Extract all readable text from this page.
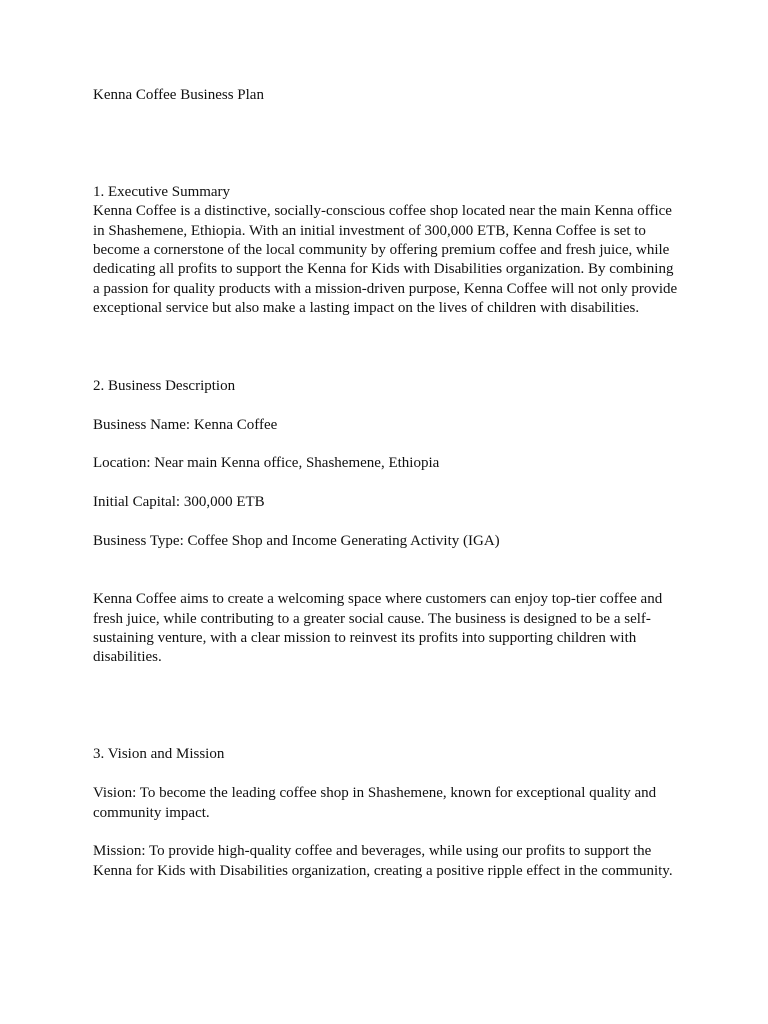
Kenna Coffee Business Plan

1. Executive Summary

Kenna Coffee is a distinctive, socially-conscious coffee shop located near the main Kenna office in Shashemene, Ethiopia. With an initial investment of 300,000 ETB, Kenna Coffee is set to become a cornerstone of the local community by offering premium coffee and fresh juice, while dedicating all profits to support the Kenna for Kids with Disabilities organization. By combining a passion for quality products with a mission-driven purpose, Kenna Coffee will not only provide exceptional service but also make a lasting impact on the lives of children with disabilities.

2. Business Description

Business Name: Kenna Coffee

Location: Near main Kenna office, Shashemene, Ethiopia

Initial Capital: 300,000 ETB

Business Type: Coffee Shop and Income Generating Activity (IGA)

Kenna Coffee aims to create a welcoming space where customers can enjoy top-tier coffee and fresh juice, while contributing to a greater social cause. The business is designed to be a self-sustaining venture, with a clear mission to reinvest its profits into supporting children with disabilities.

3. Vision and Mission

Vision: To become the leading coffee shop in Shashemene, known for exceptional quality and community impact.

Mission: To provide high-quality coffee and beverages, while using our profits to support the Kenna for Kids with Disabilities organization, creating a positive ripple effect in the community.
